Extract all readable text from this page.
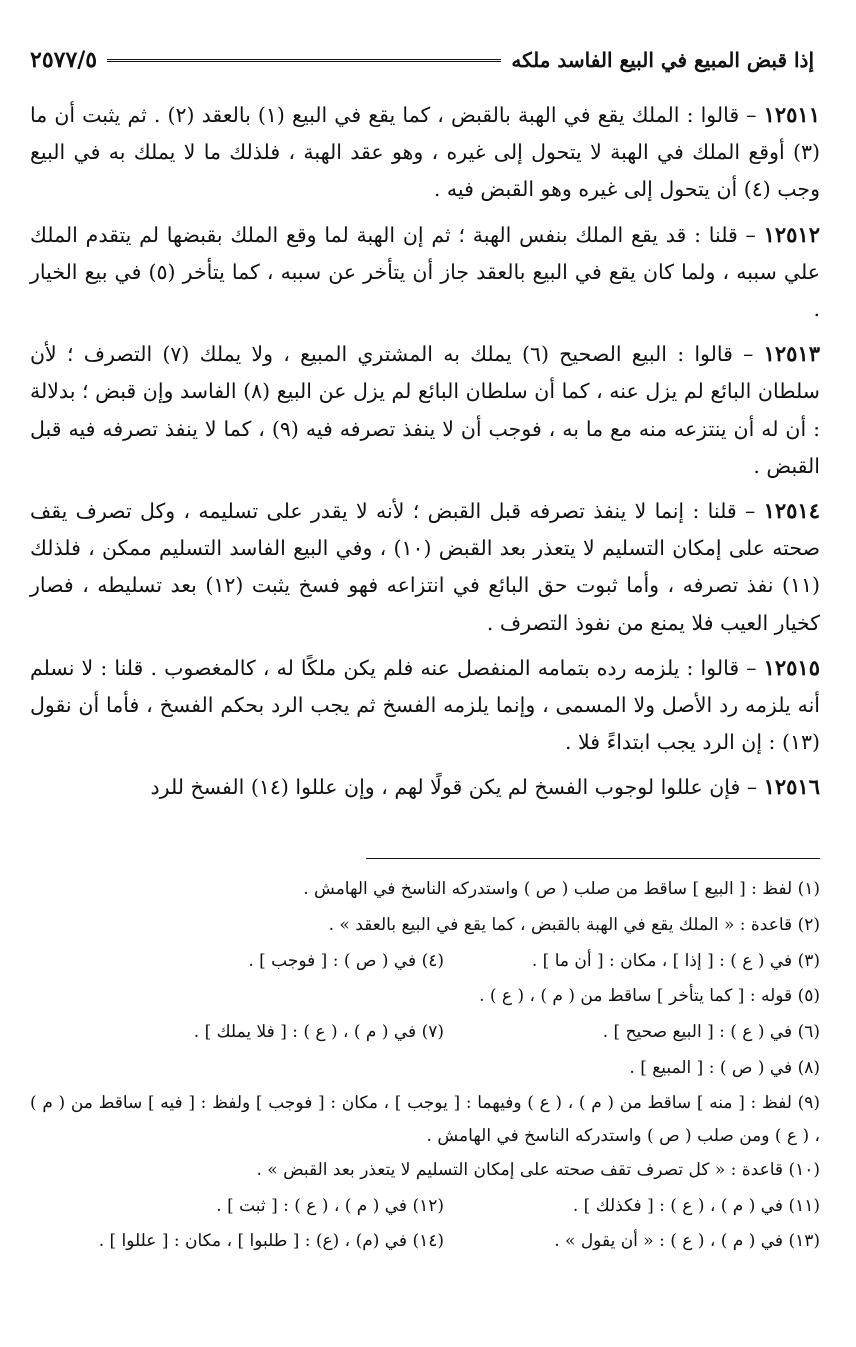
إذا قبض المبيع في البيع الفاسد ملكه
٢٥٧٧/٥

١٢٥١١ – قالوا : الملك يقع في الهبة بالقبض ، كما يقع في البيع (١) بالعقد (٢) . ثم يثبت أن ما (٣) أوقع الملك في الهبة لا يتحول إلى غيره ، وهو عقد الهبة ، فلذلك ما لا يملك به في البيع وجب (٤) أن يتحول إلى غيره وهو القبض فيه .

١٢٥١٢ – قلنا : قد يقع الملك بنفس الهبة ؛ ثم إن الهبة لما وقع الملك بقبضها لم يتقدم الملك علي سببه ، ولما كان يقع في البيع بالعقد جاز أن يتأخر عن سببه ، كما يتأخر (٥) في بيع الخيار .

١٢٥١٣ – قالوا : البيع الصحيح (٦) يملك به المشتري المبيع ، ولا يملك (٧) التصرف ؛ لأن سلطان البائع لم يزل عنه ، كما أن سلطان البائع لم يزل عن البيع (٨) الفاسد وإن قبض ؛ بدلالة : أن له أن ينتزعه منه مع ما به ، فوجب أن لا ينفذ تصرفه فيه (٩) ، كما لا ينفذ تصرفه فيه قبل القبض .

١٢٥١٤ – قلنا : إنما لا ينفذ تصرفه قبل القبض ؛ لأنه لا يقدر على تسليمه ، وكل تصرف يقف صحته على إمكان التسليم لا يتعذر بعد القبض (١٠) ، وفي البيع الفاسد التسليم ممكن ، فلذلك (١١) نفذ تصرفه ، وأما ثبوت حق البائع في انتزاعه فهو فسخ يثبت (١٢) بعد تسليطه ، فصار كخيار العيب فلا يمنع من نفوذ التصرف .

١٢٥١٥ – قالوا : يلزمه رده بتمامه المنفصل عنه فلم يكن ملكًا له ، كالمغصوب . قلنا : لا نسلم أنه يلزمه رد الأصل ولا المسمى ، وإنما يلزمه الفسخ ثم يجب الرد بحكم الفسخ ، فأما أن نقول (١٣) : إن الرد يجب ابتداءً فلا .

١٢٥١٦ – فإن عللوا لوجوب الفسخ لم يكن قولًا لهم ، وإن عللوا (١٤) الفسخ للرد

(١) لفظ : [ البيع ] ساقط من صلب ( ص ) واستدركه الناسخ في الهامش .
(٢) قاعدة : « الملك يقع في الهبة بالقبض ، كما يقع في البيع بالعقد » .
(٣) في ( ع ) : [ إذا ] ، مكان : [ أن ما ] .
(٤) في ( ص ) : [ فوجب ] .
(٥) قوله : [ كما يتأخر ] ساقط من ( م ) ، ( ع ) .
(٦) في ( ع ) : [ البيع صحيح ] .
(٧) في ( م ) ، ( ع ) : [ فلا يملك ] .
(٨) في ( ص ) : [ المبيع ] .
(٩) لفظ : [ منه ] ساقط من ( م ) ، ( ع ) وفيهما : [ يوجب ] ، مكان : [ فوجب ] ولفظ : [ فيه ] ساقط من ( م ) ، ( ع ) ومن صلب ( ص ) واستدركه الناسخ في الهامش .
(١٠) قاعدة : « كل تصرف تقف صحته على إمكان التسليم لا يتعذر بعد القبض » .
(١١) في ( م ) ، ( ع ) : [ فكذلك ] .
(١٢) في ( م ) ، ( ع ) : [ ثبت ] .
(١٣) في ( م ) ، ( ع ) : « أن يقول » .
(١٤) في (م) ، (ع) : [ طلبوا ] ، مكان : [ عللوا ] .
